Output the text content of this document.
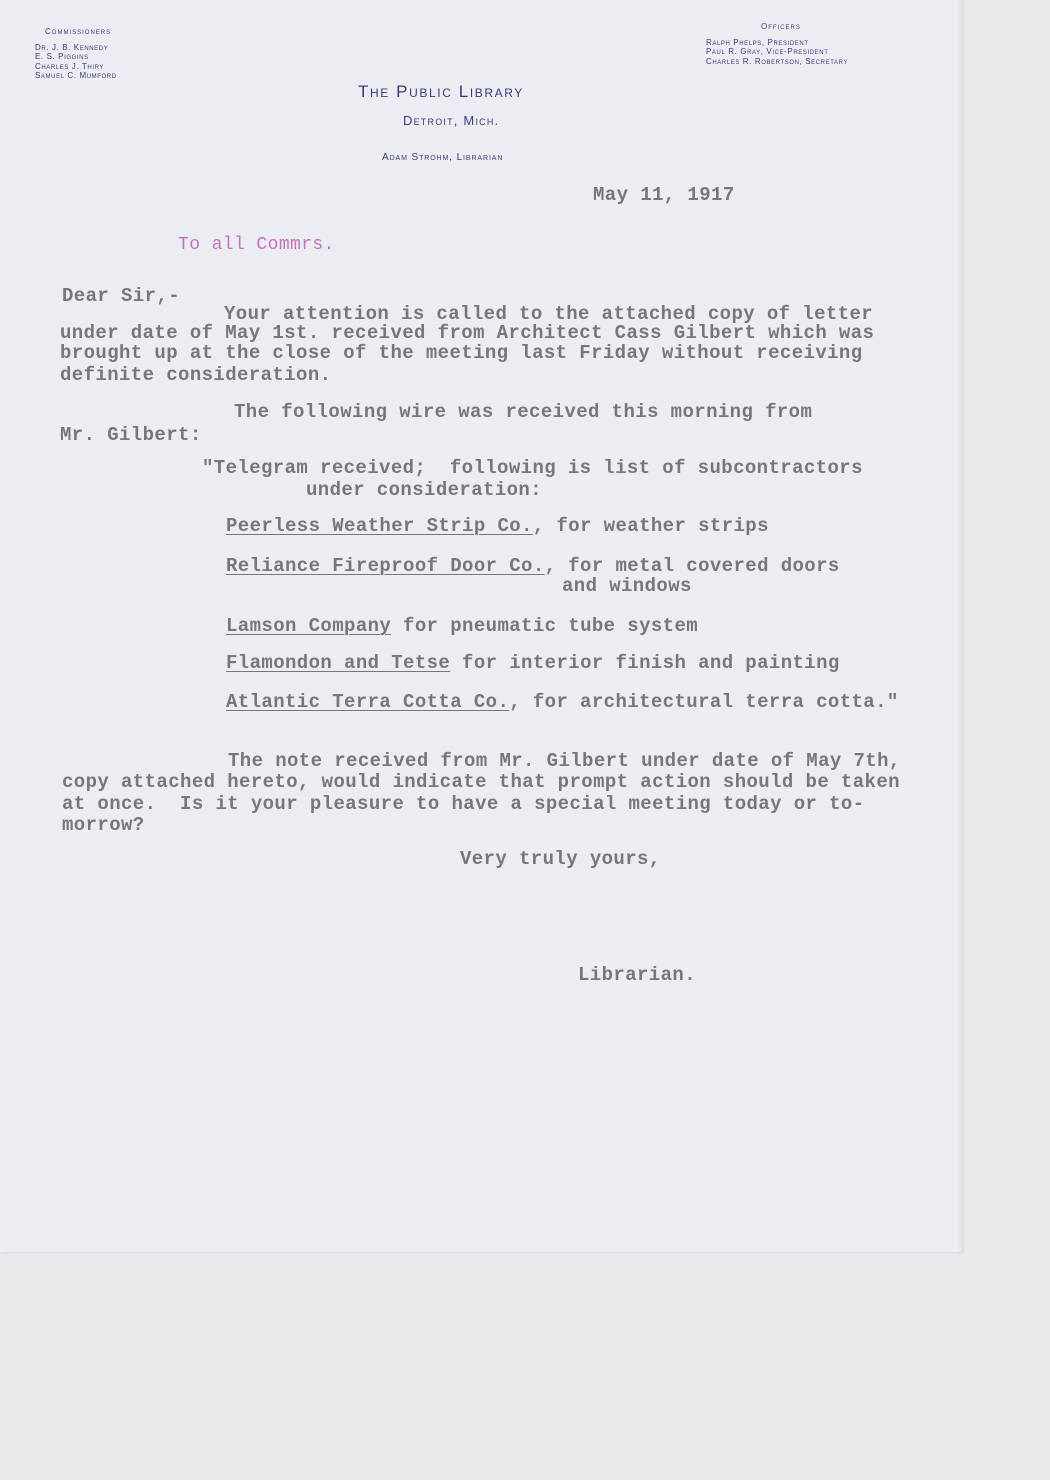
Commissioners
Dr. J. B. Kennedy
E. S. Piggins
Charles J. Thiry
Samuel C. Mumford
Officers
Ralph Phelps, President
Paul R. Gray, Vice-President
Charles R. Robertson, Secretary
The Public Library
Detroit, Mich.
Adam Strohm, Librarian
May 11, 1917
To all Commrs.
Dear Sir,-
Your attention is called to the attached copy of letter
under date of May 1st. received from Architect Cass Gilbert which was
brought up at the close of the meeting last Friday without receiving
definite consideration.
The following wire was received this morning from
Mr. Gilbert:
"Telegram received;  following is list of subcontractors
under consideration:
Peerless Weather Strip Co., for weather strips
Reliance Fireproof Door Co., for metal covered doors
and windows
Lamson Company for pneumatic tube system
Flamondon and Tetse for interior finish and painting
Atlantic Terra Cotta Co., for architectural terra cotta."
The note received from Mr. Gilbert under date of May 7th,
copy attached hereto, would indicate that prompt action should be taken
at once.  Is it your pleasure to have a special meeting today or to-
morrow?
Very truly yours,
Librarian.
